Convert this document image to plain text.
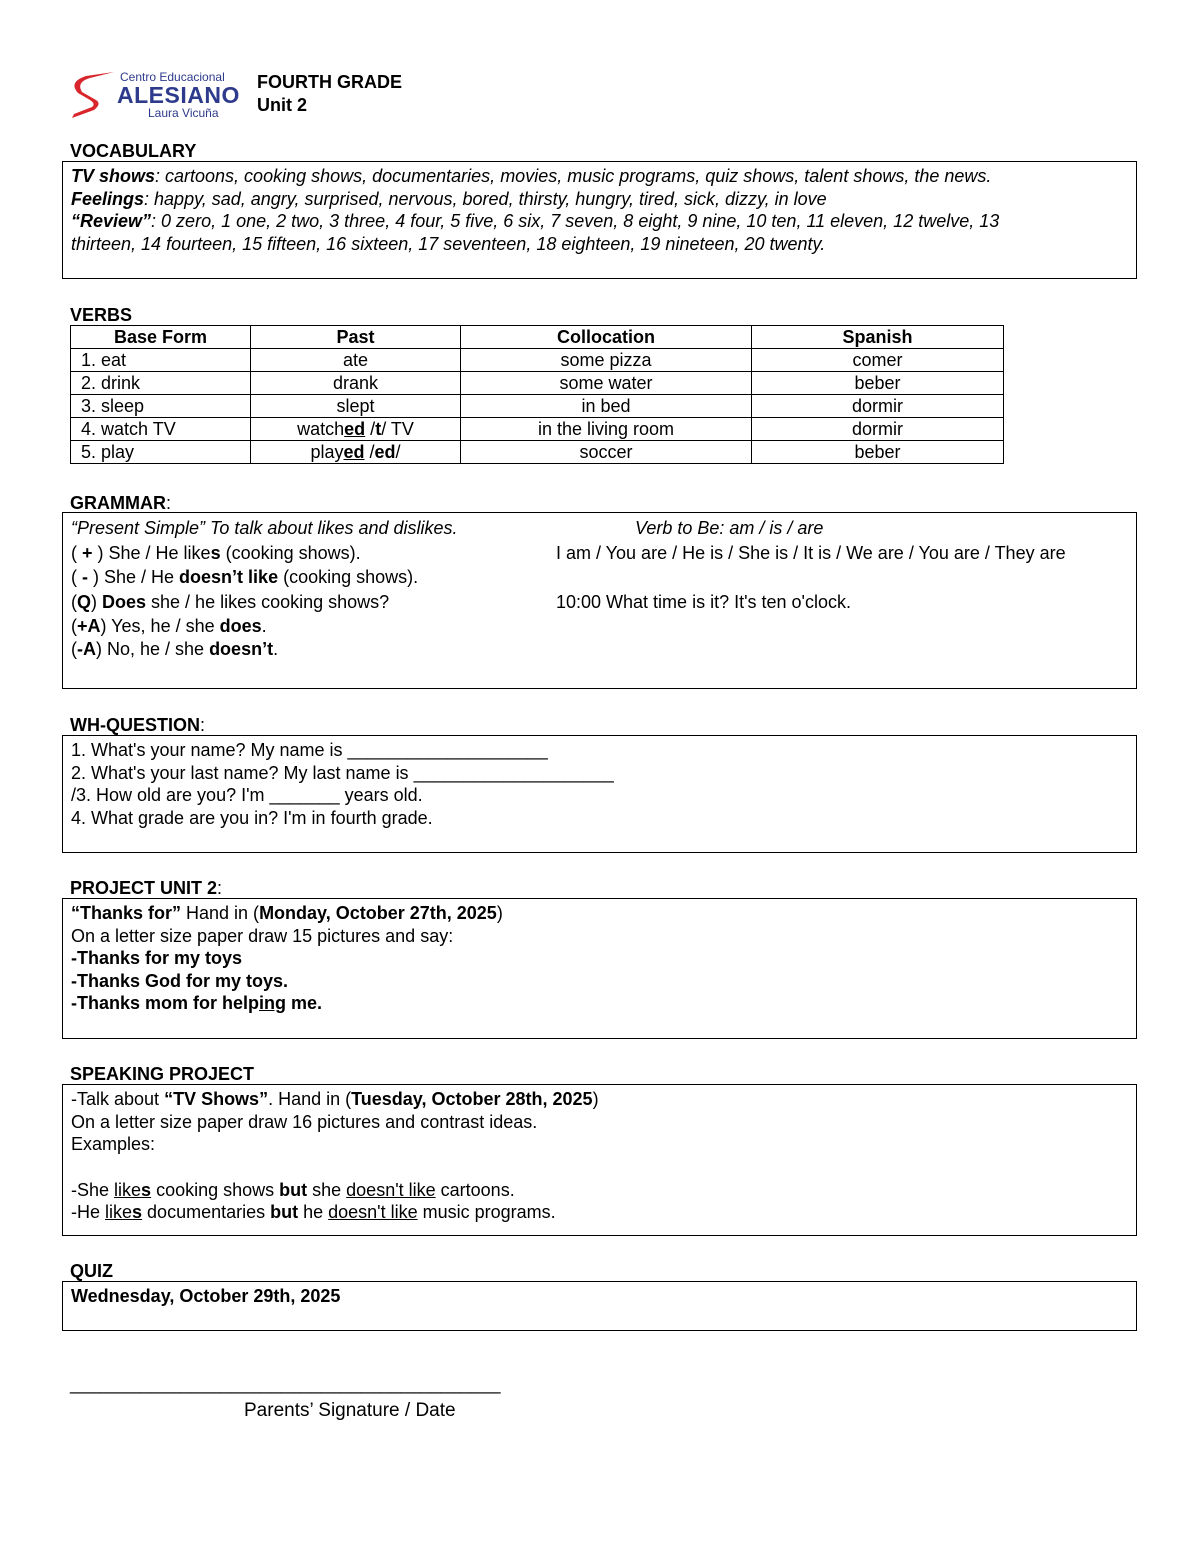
Centro Educacional
ALESIANO
Laura Vicuña
FOURTH GRADE
Unit 2
VOCABULARY
TV shows: cartoons, cooking shows, documentaries, movies, music programs, quiz shows, talent shows, the news.
Feelings: happy, sad, angry, surprised, nervous, bored, thirsty, hungry, tired, sick, dizzy, in love
“Review”: 0 zero, 1 one, 2 two, 3 three, 4 four, 5 five, 6 six, 7 seven, 8 eight, 9 nine, 10 ten, 11 eleven, 12 twelve, 13
thirteen, 14 fourteen, 15 fifteen, 16 sixteen, 17 seventeen, 18 eighteen, 19 nineteen, 20 twenty.
VERBS
Base Form	Past	Collocation	Spanish
1. eat	ate	some pizza	comer
2. drink	drank	some water	beber
3. sleep	slept	in bed	dormir
4. watch TV	watched /t/ TV	in the living room	dormir
5. play	played /ed/	soccer	beber
GRAMMAR:
“Present Simple” To talk about likes and dislikes.	Verb to Be: am / is / are
( + ) She / He likes (cooking shows).	I am / You are / He is / She is / It is / We are / You are / They are
( - ) She / He doesn’t like (cooking shows).
(Q) Does she / he likes cooking shows?	10:00 What time is it? It's ten o'clock.
(+A) Yes, he / she does.
(-A) No, he / she doesn’t.
WH-QUESTION:
1. What's your name? My name is ____________________
2. What's your last name? My last name is ____________________
/3. How old are you? I'm _______ years old.
4. What grade are you in? I'm in fourth grade.
PROJECT UNIT 2:
“Thanks for” Hand in (Monday, October 27th, 2025)
On a letter size paper draw 15 pictures and say:
-Thanks for my toys
-Thanks God for my toys.
-Thanks mom for helping me.
SPEAKING PROJECT
-Talk about “TV Shows”. Hand in (Tuesday, October 28th, 2025)
On a letter size paper draw 16 pictures and contrast ideas.
Examples:
-She likes cooking shows but she doesn't like cartoons.
-He likes documentaries but he doesn't like music programs.
QUIZ
Wednesday, October 29th, 2025
___________________________________________
Parents’ Signature / Date
